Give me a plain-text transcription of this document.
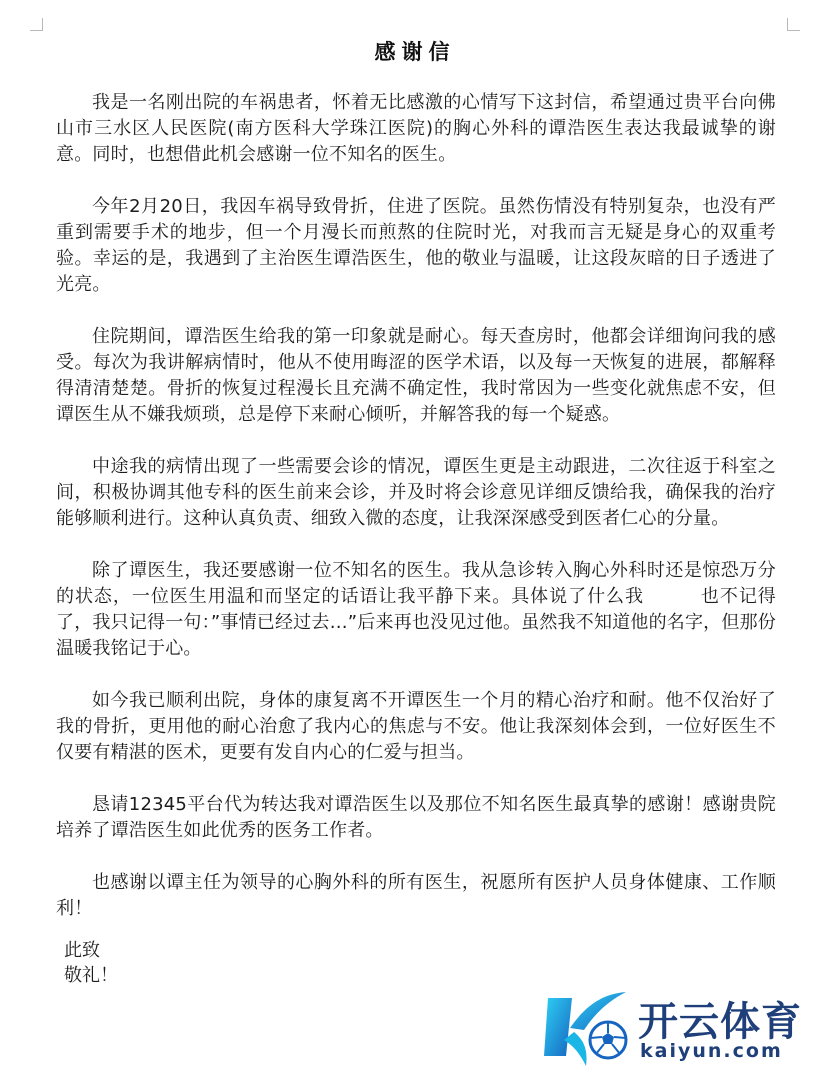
感谢信

我是一名刚出院的车祸患者，怀着无比感激的心情写下这封信，希望通过贵平台向佛山市三水区人民医院(南方医科大学珠江医院)的胸心外科的谭浩医生表达我最诚挚的谢意。同时，也想借此机会感谢一位不知名的医生。

今年2月20日，我因车祸导致骨折，住进了医院。虽然伤情没有特别复杂，也没有严重到需要手术的地步，但一个月漫长而煎熬的住院时光，对我而言无疑是身心的双重考验。幸运的是，我遇到了主治医生谭浩医生，他的敬业与温暖，让这段灰暗的日子透进了光亮。

住院期间，谭浩医生给我的第一印象就是耐心。每天查房时，他都会详细询问我的感受。每次为我讲解病情时，他从不使用晦涩的医学术语，以及每一天恢复的进展，都解释得清清楚楚。骨折的恢复过程漫长且充满不确定性，我时常因为一些变化就焦虑不安，但谭医生从不嫌我烦琐，总是停下来耐心倾听，并解答我的每一个疑惑。

中途我的病情出现了一些需要会诊的情况，谭医生更是主动跟进，二次往返于科室之间，积极协调其他专科的医生前来会诊，并及时将会诊意见详细反馈给我，确保我的治疗能够顺利进行。这种认真负责、细致入微的态度，让我深深感受到医者仁心的分量。

除了谭医生，我还要感谢一位不知名的医生。我从急诊转入胸心外科时还是惊恐万分的状态，一位医生用温和而坚定的话语让我平静下来。具体说了什么我　　　也不记得了，我只记得一句：”事情已经过去…”后来再也没见过他。虽然我不知道他的名字，但那份温暖我铭记于心。

如今我已顺利出院，身体的康复离不开谭医生一个月的精心治疗和耐。他不仅治好了我的骨折，更用他的耐心治愈了我内心的焦虑与不安。他让我深刻体会到，一位好医生不仅要有精湛的医术，更要有发自内心的仁爱与担当。

恳请12345平台代为转达我对谭浩医生以及那位不知名医生最真挚的感谢！感谢贵院培养了谭浩医生如此优秀的医务工作者。

也感谢以谭主任为领导的心胸外科的所有医生，祝愿所有医护人员身体健康、工作顺利！

此致
敬礼！
开云体育
kaiyun.com
